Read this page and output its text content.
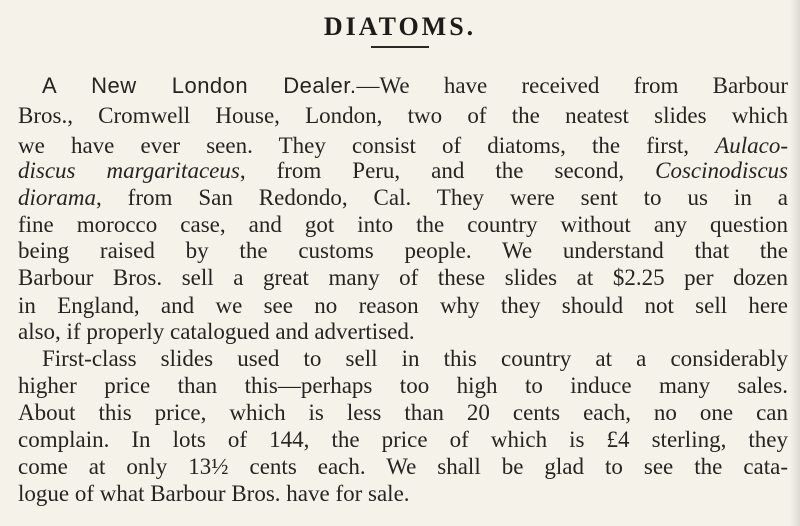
DIATOMS.
A New London Dealer.—We have received from Barbour
Bros., Cromwell House, London, two of the neatest slides which
we have ever seen. They consist of diatoms, the first, Aulaco-
discus margaritaceus, from Peru, and the second, Coscinodiscus
diorama, from San Redondo, Cal. They were sent to us in a
fine morocco case, and got into the country without any question
being raised by the customs people. We understand that the
Barbour Bros. sell a great many of these slides at $2.25 per dozen
in England, and we see no reason why they should not sell here
also, if properly catalogued and advertised.
First-class slides used to sell in this country at a considerably
higher price than this—perhaps too high to induce many sales.
About this price, which is less than 20 cents each, no one can
complain. In lots of 144, the price of which is £4 sterling, they
come at only 13½ cents each. We shall be glad to see the cata-
logue of what Barbour Bros. have for sale.
